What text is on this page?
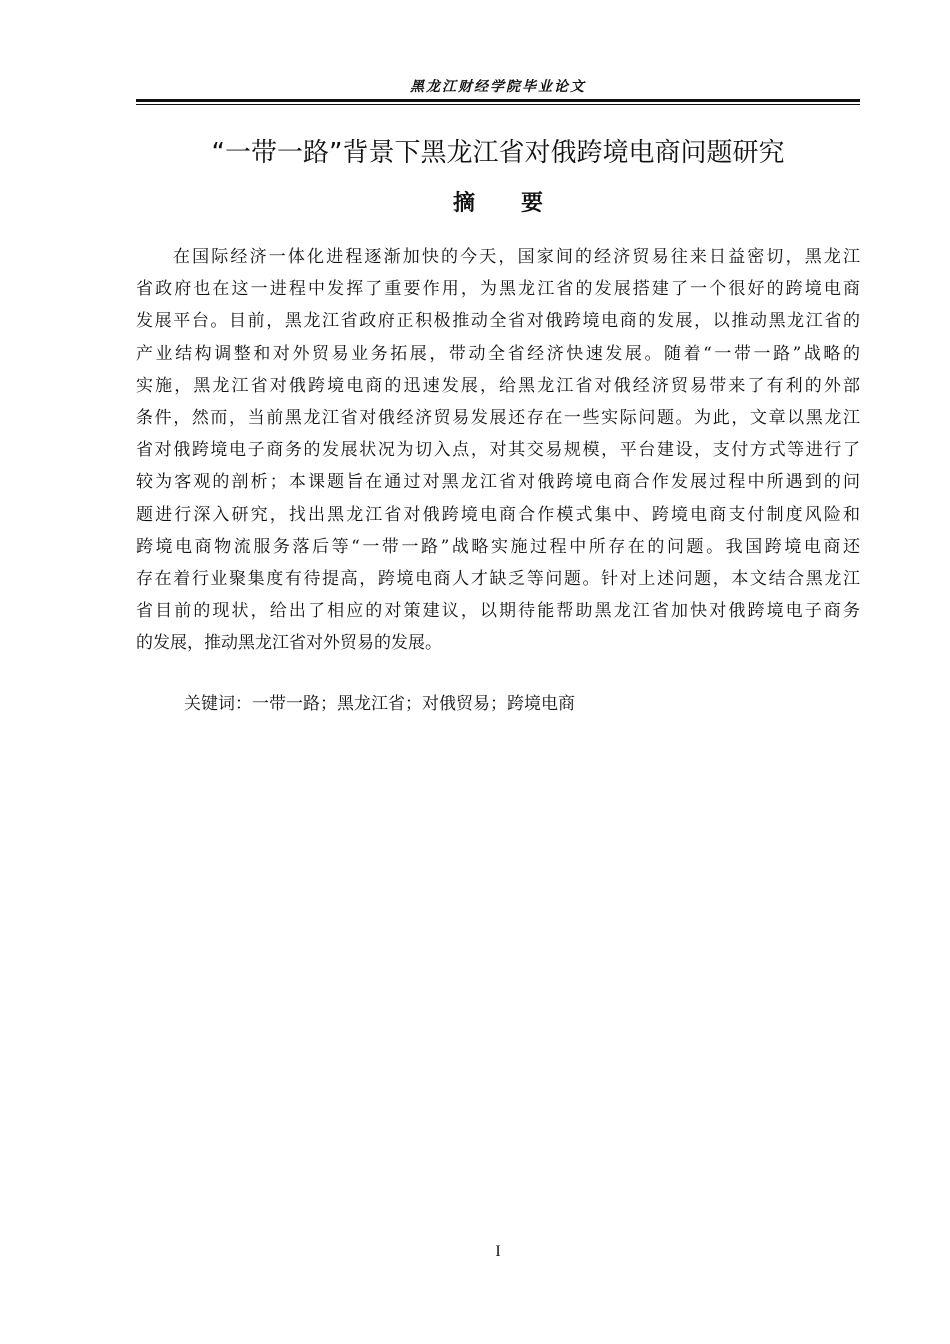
黑龙江财经学院毕业论文
“一带一路”背景下黑龙江省对俄跨境电商问题研究
摘 要
在国际经济一体化进程逐渐加快的今天，国家间的经济贸易往来日益密切，黑龙江
省政府也在这一进程中发挥了重要作用，为黑龙江省的发展搭建了一个很好的跨境电商
发展平台。目前，黑龙江省政府正积极推动全省对俄跨境电商的发展，以推动黑龙江省的
产业结构调整和对外贸易业务拓展，带动全省经济快速发展。随着“一带一路”战略的
实施，黑龙江省对俄跨境电商的迅速发展，给黑龙江省对俄经济贸易带来了有利的外部
条件，然而，当前黑龙江省对俄经济贸易发展还存在一些实际问题。为此，文章以黑龙江
省对俄跨境电子商务的发展状况为切入点，对其交易规模，平台建设，支付方式等进行了
较为客观的剖析；本课题旨在通过对黑龙江省对俄跨境电商合作发展过程中所遇到的问
题进行深入研究，找出黑龙江省对俄跨境电商合作模式集中、跨境电商支付制度风险和
跨境电商物流服务落后等“一带一路”战略实施过程中所存在的问题。我国跨境电商还
存在着行业聚集度有待提高，跨境电商人才缺乏等问题。针对上述问题，本文结合黑龙江
省目前的现状，给出了相应的对策建议，以期待能帮助黑龙江省加快对俄跨境电子商务
的发展，推动黑龙江省对外贸易的发展。
关键词：一带一路；黑龙江省；对俄贸易；跨境电商
I
